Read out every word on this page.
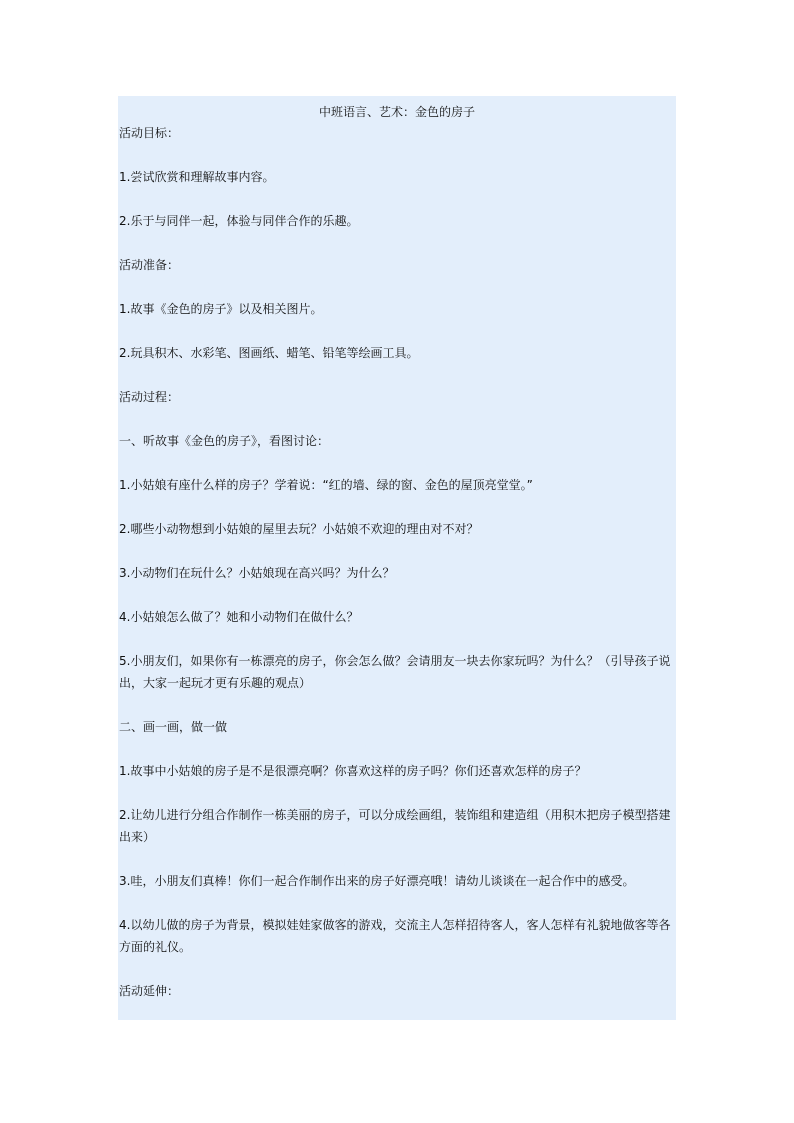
中班语言、艺术：金色的房子
活动目标：
1.尝试欣赏和理解故事内容。
2.乐于与同伴一起，体验与同伴合作的乐趣。
活动准备：
1.故事《金色的房子》以及相关图片。
2.玩具积木、水彩笔、图画纸、蜡笔、铅笔等绘画工具。
活动过程：
一、听故事《金色的房子》，看图讨论：
1.小姑娘有座什么样的房子？学着说：“红的墙、绿的窗、金色的屋顶亮堂堂。”
2.哪些小动物想到小姑娘的屋里去玩？小姑娘不欢迎的理由对不对？
3.小动物们在玩什么？小姑娘现在高兴吗？为什么？
4.小姑娘怎么做了？她和小动物们在做什么？
5.小朋友们，如果你有一栋漂亮的房子，你会怎么做？会请朋友一块去你家玩吗？为什么？（引导孩子说出，大家一起玩才更有乐趣的观点）
二、画一画，做一做
1.故事中小姑娘的房子是不是很漂亮啊？你喜欢这样的房子吗？你们还喜欢怎样的房子？
2.让幼儿进行分组合作制作一栋美丽的房子，可以分成绘画组，装饰组和建造组（用积木把房子模型搭建出来）
3.哇，小朋友们真棒！你们一起合作制作出来的房子好漂亮哦！请幼儿谈谈在一起合作中的感受。
4.以幼儿做的房子为背景，模拟娃娃家做客的游戏，交流主人怎样招待客人，客人怎样有礼貌地做客等各方面的礼仪。
活动延伸：
